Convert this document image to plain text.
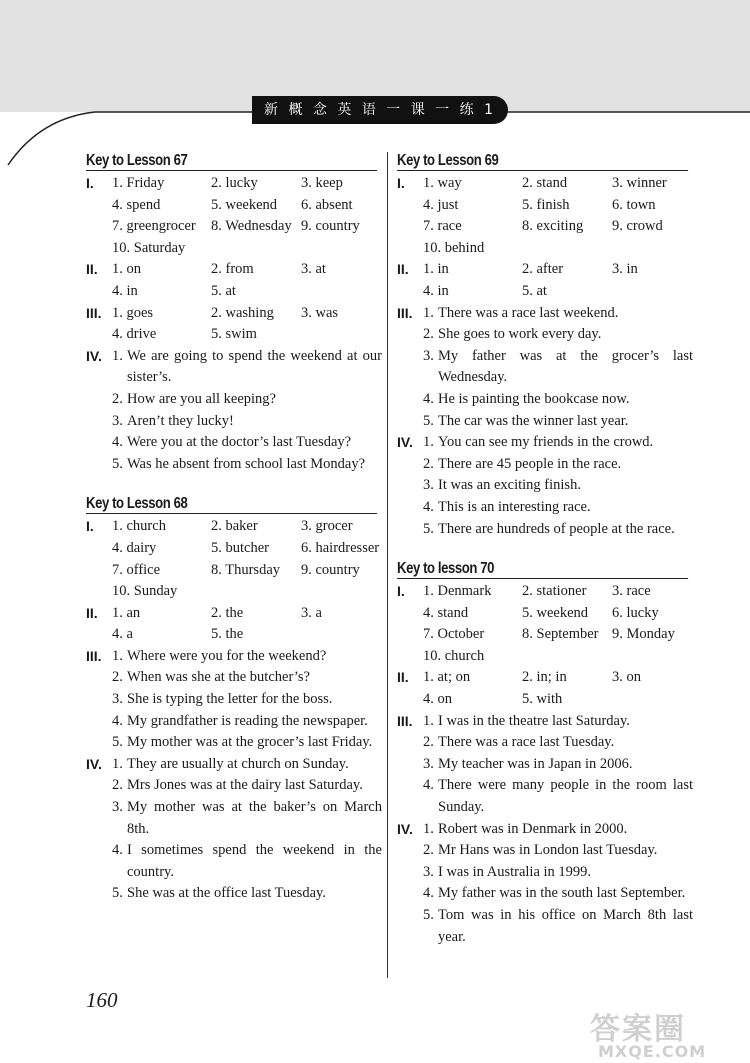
新 概 念 英 语 一 课 一 练 1
Key to Lesson 67
I.	1. Friday	2. lucky	3. keep
4. spend	5. weekend	6. absent
7. greengrocer	8. Wednesday 9. country
10. Saturday
II. 1. on	2. from	3. at
4. in	5. at
III. 1. goes	2. washing	3. was
4. drive	5. swim
IV. 1. We are going to spend the weekend at our sister’s.
2. How are you all keeping?
3. Aren’t they lucky!
4. Were you at the doctor’s last Tuesday?
5. Was he absent from school last Monday?
Key to Lesson 68
I.	1. church	2. baker	3. grocer
4. dairy	5. butcher	6. hairdresser
7. office	8. Thursday	9. country
10. Sunday
II. 1. an	2. the	3. a
4. a	5. the
III. 1. Where were you for the weekend?
2. When was she at the butcher’s?
3. She is typing the letter for the boss.
4. My grandfather is reading the newspaper.
5. My mother was at the grocer’s last Friday.
IV. 1. They are usually at church on Sunday.
2. Mrs Jones was at the dairy last Saturday.
3. My mother was at the baker’s on March 8th.
4. I sometimes spend the weekend in the country.
5. She was at the office last Tuesday.
Key to Lesson 69
I.	1. way	2. stand	3. winner
4. just	5. finish	6. town
7. race	8. exciting	9. crowd
10. behind
II. 1. in	2. after	3. in
4. in	5. at
III. 1. There was a race last weekend.
2. She goes to work every day.
3. My father was at the grocer’s last Wednesday.
4. He is painting the bookcase now.
5. The car was the winner last year.
IV. 1. You can see my friends in the crowd.
2. There are 45 people in the race.
3. It was an exciting finish.
4. This is an interesting race.
5. There are hundreds of people at the race.
Key to lesson 70
I.	1. Denmark	2. stationer	3. race
4. stand	5. weekend	6. lucky
7. October	8. September 9. Monday
10. church
II. 1. at; on	2. in; in	3. on
4. on	5. with
III. 1. I was in the theatre last Saturday.
2. There was a race last Tuesday.
3. My teacher was in Japan in 2006.
4. There were many people in the room last Sunday.
IV. 1. Robert was in Denmark in 2000.
2. Mr Hans was in London last Tuesday.
3. I was in Australia in 1999.
4. My father was in the south last September.
5. Tom was in his office on March 8th last year.
160
答案圈
MXQE.COM
